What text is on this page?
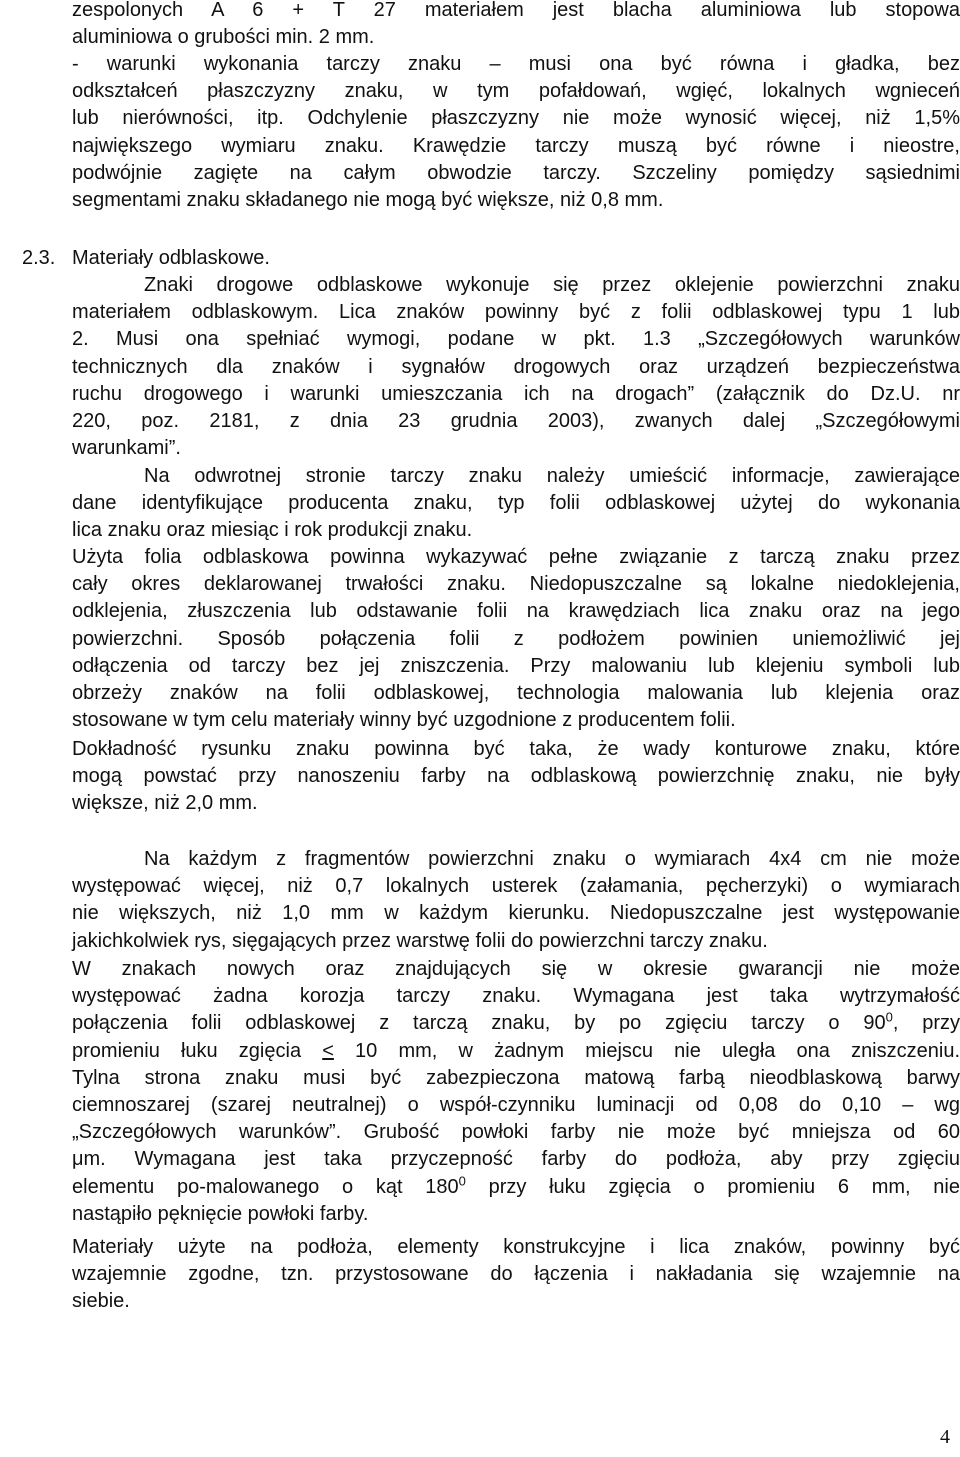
zespolonych A 6 + T 27 materiałem jest blacha aluminiowa lub stopowa
aluminiowa o grubości min. 2 mm.
- warunki wykonania tarczy znaku – musi ona być równa i gładka, bez
odkształceń płaszczyzny znaku, w tym pofałdowań, wgięć, lokalnych wgnieceń
lub nierówności, itp. Odchylenie płaszczyzny nie może wynosić więcej, niż 1,5%
największego wymiaru znaku. Krawędzie tarczy muszą być równe i nieostre,
podwójnie zagięte na całym obwodzie tarczy. Szczeliny pomiędzy sąsiednimi
segmentami znaku składanego nie mogą być większe, niż 0,8 mm.
2.3. Materiały odblaskowe.
Znaki drogowe odblaskowe wykonuje się przez oklejenie powierzchni znaku
materiałem odblaskowym. Lica znaków powinny być z folii odblaskowej typu 1 lub
2. Musi ona spełniać wymogi, podane w pkt. 1.3 „Szczegółowych warunków
technicznych dla znaków i sygnałów drogowych oraz urządzeń bezpieczeństwa
ruchu drogowego i warunki umieszczania ich na drogach” (załącznik do Dz.U. nr
220, poz. 2181, z dnia 23 grudnia 2003), zwanych dalej „Szczegółowymi
warunkami”.
Na odwrotnej stronie tarczy znaku należy umieścić informacje, zawierające
dane identyfikujące producenta znaku, typ folii odblaskowej użytej do wykonania
lica znaku oraz miesiąc i rok produkcji znaku.
Użyta folia odblaskowa powinna wykazywać pełne związanie z tarczą znaku przez
cały okres deklarowanej trwałości znaku. Niedopuszczalne są lokalne niedoklejenia,
odklejenia, złuszczenia lub odstawanie folii na krawędziach lica znaku oraz na jego
powierzchni. Sposób połączenia folii z podłożem powinien uniemożliwić jej
odłączenia od tarczy bez jej zniszczenia. Przy malowaniu lub klejeniu symboli lub
obrzeży znaków na folii odblaskowej, technologia malowania lub klejenia oraz
stosowane w tym celu materiały winny być uzgodnione z producentem folii.
Dokładność rysunku znaku powinna być taka, że wady konturowe znaku, które
mogą powstać przy nanoszeniu farby na odblaskową powierzchnię znaku, nie były
większe, niż 2,0 mm.
Na każdym z fragmentów powierzchni znaku o wymiarach 4x4 cm nie może
występować więcej, niż 0,7 lokalnych usterek (załamania, pęcherzyki) o wymiarach
nie większych, niż 1,0 mm w każdym kierunku. Niedopuszczalne jest występowanie
jakichkolwiek rys, sięgających przez warstwę folii do powierzchni tarczy znaku.
W znakach nowych oraz znajdujących się w okresie gwarancji nie może
występować żadna korozja tarczy znaku. Wymagana jest taka wytrzymałość
połączenia folii odblaskowej z tarczą znaku, by po zgięciu tarczy o $90^0$, przy
promieniu łuku zgięcia ≤ 10 mm, w żadnym miejscu nie uległa ona zniszczeniu.
Tylna strona znaku musi być zabezpieczona matową farbą nieodblaskową barwy
ciemnoszarej (szarej neutralnej) o współ-czynniku luminacji od 0,08 do 0,10 – wg
„Szczegółowych warunków”. Grubość powłoki farby nie może być mniejsza od 60
μm. Wymagana jest taka przyczepność farby do podłoża, aby przy zgięciu
elementu po-malowanego o kąt $180^0$ przy łuku zgięcia o promieniu 6 mm, nie
nastąpiło pęknięcie powłoki farby.
Materiały użyte na podłoża, elementy konstrukcyjne i lica znaków, powinny być
wzajemnie zgodne, tzn. przystosowane do łączenia i nakładania się wzajemnie na
siebie.
4
